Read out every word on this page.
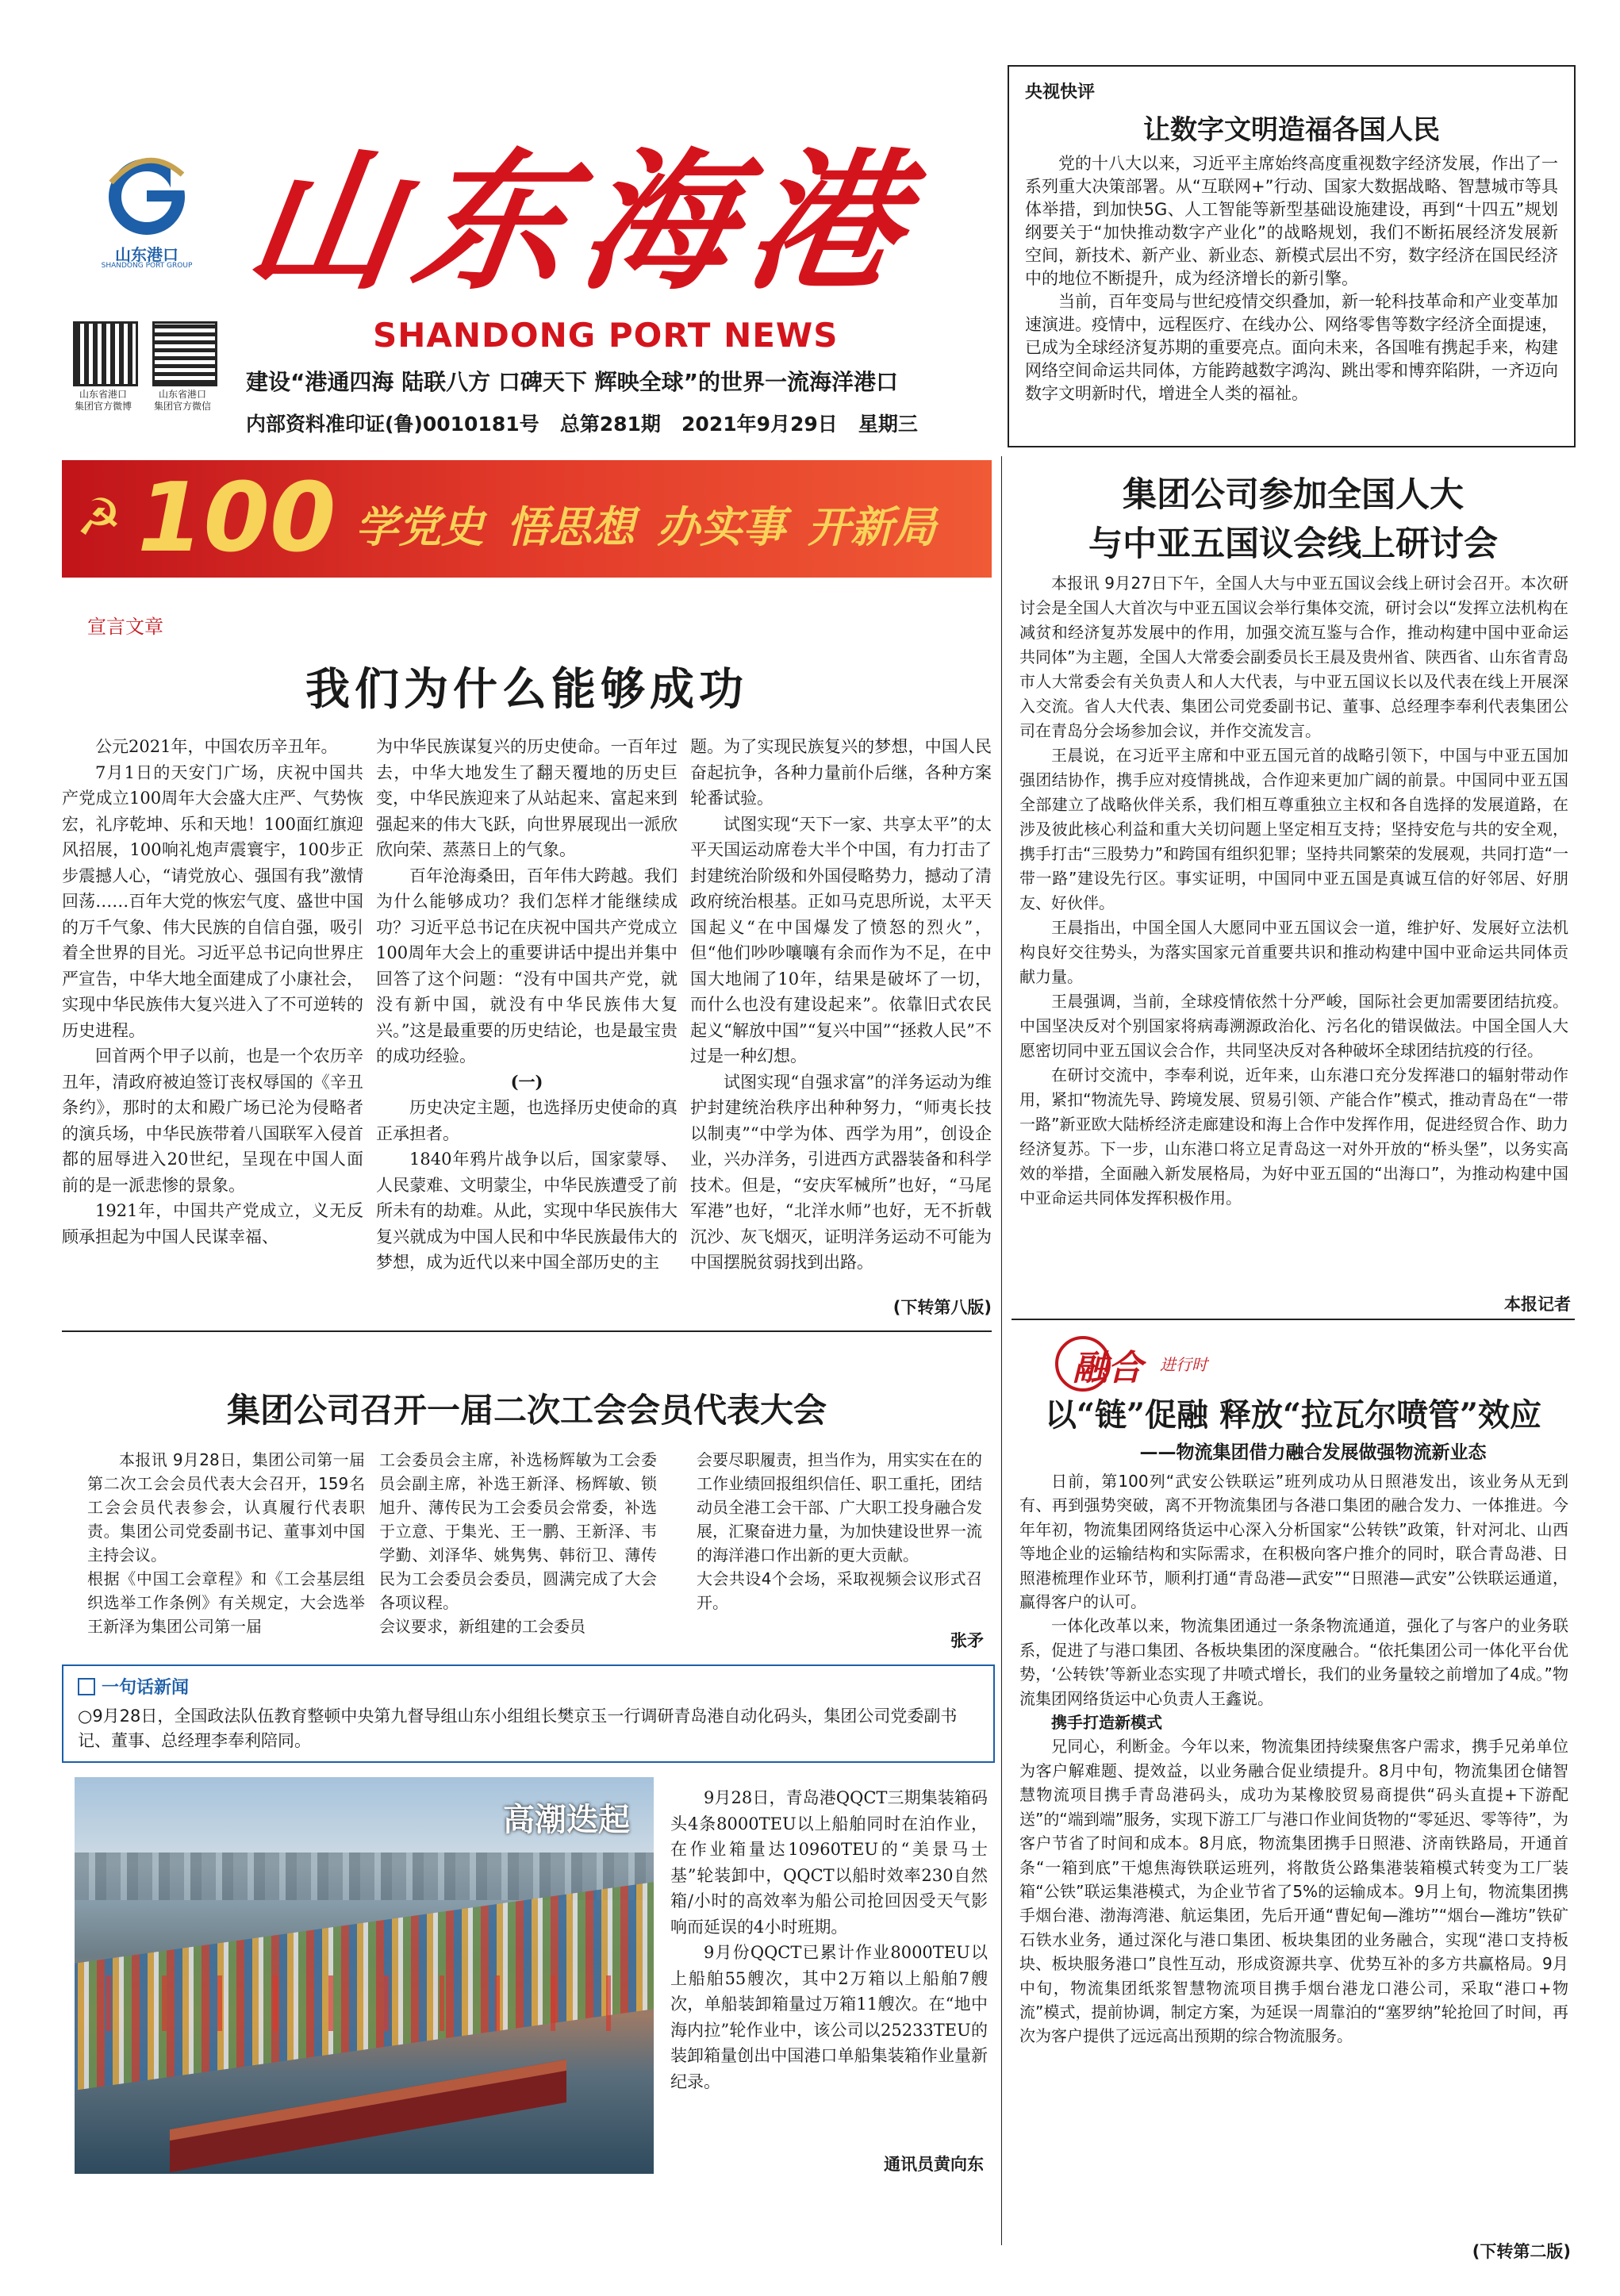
山东港口
SHANDONG PORT GROUP 山东海港
SHANDONG PORT NEWS
山东省港口
集团官方微博
山东省港口
集团官方微信
建设“港通四海 陆联八方 口碑天下 辉映全球”的世界一流海洋港口
内部资料准印证(鲁)0010181号   总第281期   2021年9月29日   星期三
央视快评
让数字文明造福各国人民

党的十八大以来，习近平主席始终高度重视数字经济发展，作出了一系列重大决策部署。从“互联网+”行动、国家大数据战略、智慧城市等具体举措，到加快5G、人工智能等新型基础设施建设，再到“十四五”规划纲要关于“加快推动数字产业化”的战略规划，我们不断拓展经济发展新空间，新技术、新产业、新业态、新模式层出不穷，数字经济在国民经济中的地位不断提升，成为经济增长的新引擎。

当前，百年变局与世纪疫情交织叠加，新一轮科技革命和产业变革加速演进。疫情中，远程医疗、在线办公、网络零售等数字经济全面提速，已成为全球经济复苏期的重要亮点。面向未来，各国唯有携起手来，构建网络空间命运共同体，方能跨越数字鸿沟、跳出零和博弈陷阱，一齐迈向数字文明新时代，增进全人类的福祉。

☭ 100 学党史 悟思想 办实事 开新局
宣言文章
我们为什么能够成功

公元2021年，中国农历辛丑年。

7月1日的天安门广场，庆祝中国共产党成立100周年大会盛大庄严、气势恢宏，礼序乾坤、乐和天地！100面红旗迎风招展，100响礼炮声震寰宇，100步正步震撼人心，“请党放心、强国有我”激情回荡……百年大党的恢宏气度、盛世中国的万千气象、伟大民族的自信自强，吸引着全世界的目光。习近平总书记向世界庄严宣告，中华大地全面建成了小康社会，实现中华民族伟大复兴进入了不可逆转的历史进程。

回首两个甲子以前，也是一个农历辛丑年，清政府被迫签订丧权辱国的《辛丑条约》，那时的太和殿广场已沦为侵略者的演兵场，中华民族带着八国联军入侵首都的屈辱进入20世纪，呈现在中国人面前的是一派悲惨的景象。

1921年，中国共产党成立，义无反顾承担起为中国人民谋幸福、

为中华民族谋复兴的历史使命。一百年过去，中华大地发生了翻天覆地的历史巨变，中华民族迎来了从站起来、富起来到强起来的伟大飞跃，向世界展现出一派欣欣向荣、蒸蒸日上的气象。

百年沧海桑田，百年伟大跨越。我们为什么能够成功？我们怎样才能继续成功？习近平总书记在庆祝中国共产党成立100周年大会上的重要讲话中提出并集中回答了这个问题：“没有中国共产党，就没有新中国，就没有中华民族伟大复兴。”这是最重要的历史结论，也是最宝贵的成功经验。

(一)

历史决定主题，也选择历史使命的真正承担者。

1840年鸦片战争以后，国家蒙辱、人民蒙难、文明蒙尘，中华民族遭受了前所未有的劫难。从此，实现中华民族伟大复兴就成为中国人民和中华民族最伟大的梦想，成为近代以来中国全部历史的主

题。为了实现民族复兴的梦想，中国人民奋起抗争，各种力量前仆后继，各种方案轮番试验。

试图实现“天下一家、共享太平”的太平天国运动席卷大半个中国，有力打击了封建统治阶级和外国侵略势力，撼动了清政府统治根基。正如马克思所说，太平天国起义“在中国爆发了愤怒的烈火”，但“他们吵吵嚷嚷有余而作为不足，在中国大地闹了10年，结果是破坏了一切，而什么也没有建设起来”。依靠旧式农民起义“解放中国”“复兴中国”“拯救人民”不过是一种幻想。

试图实现“自强求富”的洋务运动为维护封建统治秩序出种种努力，“师夷长技以制夷”“中学为体、西学为用”，创设企业，兴办洋务，引进西方武器装备和科学技术。但是，“安庆军械所”也好，“马尾军港”也好，“北洋水师”也好，无不折戟沉沙、灰飞烟灭，证明洋务运动不可能为中国摆脱贫弱找到出路。

(下转第八版)
集团公司参加全国人大
与中亚五国议会线上研讨会

本报讯 9月27日下午，全国人大与中亚五国议会线上研讨会召开。本次研讨会是全国人大首次与中亚五国议会举行集体交流，研讨会以“发挥立法机构在减贫和经济复苏发展中的作用，加强交流互鉴与合作，推动构建中国中亚命运共同体”为主题，全国人大常委会副委员长王晨及贵州省、陕西省、山东省青岛市人大常委会有关负责人和人大代表，与中亚五国议长以及代表在线上开展深入交流。省人大代表、集团公司党委副书记、董事、总经理李奉利代表集团公司在青岛分会场参加会议，并作交流发言。

王晨说，在习近平主席和中亚五国元首的战略引领下，中国与中亚五国加强团结协作，携手应对疫情挑战，合作迎来更加广阔的前景。中国同中亚五国全部建立了战略伙伴关系，我们相互尊重独立主权和各自选择的发展道路，在涉及彼此核心利益和重大关切问题上坚定相互支持；坚持安危与共的安全观，携手打击“三股势力”和跨国有组织犯罪；坚持共同繁荣的发展观，共同打造“一带一路”建设先行区。事实证明，中国同中亚五国是真诚互信的好邻居、好朋友、好伙伴。

王晨指出，中国全国人大愿同中亚五国议会一道，维护好、发展好立法机构良好交往势头，为落实国家元首重要共识和推动构建中国中亚命运共同体贡献力量。

王晨强调，当前，全球疫情依然十分严峻，国际社会更加需要团结抗疫。中国坚决反对个别国家将病毒溯源政治化、污名化的错误做法。中国全国人大愿密切同中亚五国议会合作，共同坚决反对各种破坏全球团结抗疫的行径。

在研讨交流中，李奉利说，近年来，山东港口充分发挥港口的辐射带动作用，紧扣“物流先导、跨境发展、贸易引领、产能合作”模式，推动青岛在“一带一路”新亚欧大陆桥经济走廊建设和海上合作中发挥作用，促进经贸合作、助力经济复苏。下一步，山东港口将立足青岛这一对外开放的“桥头堡”，以务实高效的举措，全面融入新发展格局，为好中亚五国的“出海口”，为推动构建中国中亚命运共同体发挥积极作用。

本报记者
集团公司召开一届二次工会会员代表大会

本报讯 9月28日，集团公司第一届第二次工会会员代表大会召开，159名工会会员代表参会，认真履行代表职责。集团公司党委副书记、董事刘中国主持会议。
根据《中国工会章程》和《工会基层组织选举工作条例》有关规定，大会选举王新泽为集团公司第一届

工会委员会主席，补选杨辉敏为工会委员会副主席，补选王新泽、杨辉敏、锁旭升、薄传民为工会委员会常委，补选于立意、于集光、王一鹏、王新泽、韦学勤、刘泽华、姚隽隽、韩衍卫、薄传民为工会委员会委员，圆满完成了大会各项议程。
会议要求，新组建的工会委员

会要尽职履责，担当作为，用实实在在的工作业绩回报组织信任、职工重托，团结动员全港工会干部、广大职工投身融合发展，汇聚奋进力量，为加快建设世界一流的海洋港口作出新的更大贡献。
大会共设4个会场，采取视频会议形式召开。

张矛
一句话新闻
○9月28日，全国政法队伍教育整顿中央第九督导组山东小组组长樊京玉一行调研青岛港自动化码头，集团公司党委副书记、董事、总经理李奉利陪同。
高潮迭起

9月28日，青岛港QQCT三期集装箱码头4条8000TEU以上船舶同时在泊作业，在作业箱量达10960TEU的“美景马士基”轮装卸中，QQCT以船时效率230自然箱/小时的高效率为船公司抢回因受天气影响而延误的4小时班期。

9月份QQCT已累计作业8000TEU以上船舶55艘次，其中2万箱以上船舶7艘次，单船装卸箱量过万箱11艘次。在“地中海内拉”轮作业中，该公司以25233TEU的装卸箱量创出中国港口单船集装箱作业量新纪录。

通讯员黄向东
融合 进行时
以“链”促融 释放“拉瓦尔喷管”效应
——物流集团借力融合发展做强物流新业态

日前，第100列“武安公铁联运”班列成功从日照港发出，该业务从无到有、再到强势突破，离不开物流集团与各港口集团的融合发力、一体推进。今年年初，物流集团网络货运中心深入分析国家“公转铁”政策，针对河北、山西等地企业的运输结构和实际需求，在积极向客户推介的同时，联合青岛港、日照港梳理作业环节，顺利打通“青岛港—武安”“日照港—武安”公铁联运通道，赢得客户的认可。

一体化改革以来，物流集团通过一条条物流通道，强化了与客户的业务联系，促进了与港口集团、各板块集团的深度融合。“依托集团公司一体化平台优势，‘公转铁’等新业态实现了井喷式增长，我们的业务量较之前增加了4成。”物流集团网络货运中心负责人王鑫说。

携手打造新模式

兄同心，利断金。今年以来，物流集团持续聚焦客户需求，携手兄弟单位为客户解难题、提效益，以业务融合促业绩提升。8月中旬，物流集团仓储智慧物流项目携手青岛港码头，成功为某橡胶贸易商提供“码头直提+下游配送”的“端到端”服务，实现下游工厂与港口作业间货物的“零延迟、零等待”，为客户节省了时间和成本。8月底，物流集团携手日照港、济南铁路局，开通首条“一箱到底”干熄焦海铁联运班列，将散货公路集港装箱模式转变为工厂装箱“公铁”联运集港模式，为企业节省了5%的运输成本。9月上旬，物流集团携手烟台港、渤海湾港、航运集团，先后开通“曹妃甸—潍坊”“烟台—潍坊”铁矿石铁水业务，通过深化与港口集团、板块集团的业务融合，实现“港口支持板块、板块服务港口”良性互动，形成资源共享、优势互补的多方共赢格局。9月中旬，物流集团纸浆智慧物流项目携手烟台港龙口港公司，采取“港口+物流”模式，提前协调，制定方案，为延误一周靠泊的“塞罗纳”轮抢回了时间，再次为客户提供了远远高出预期的综合物流服务。

(下转第二版)
